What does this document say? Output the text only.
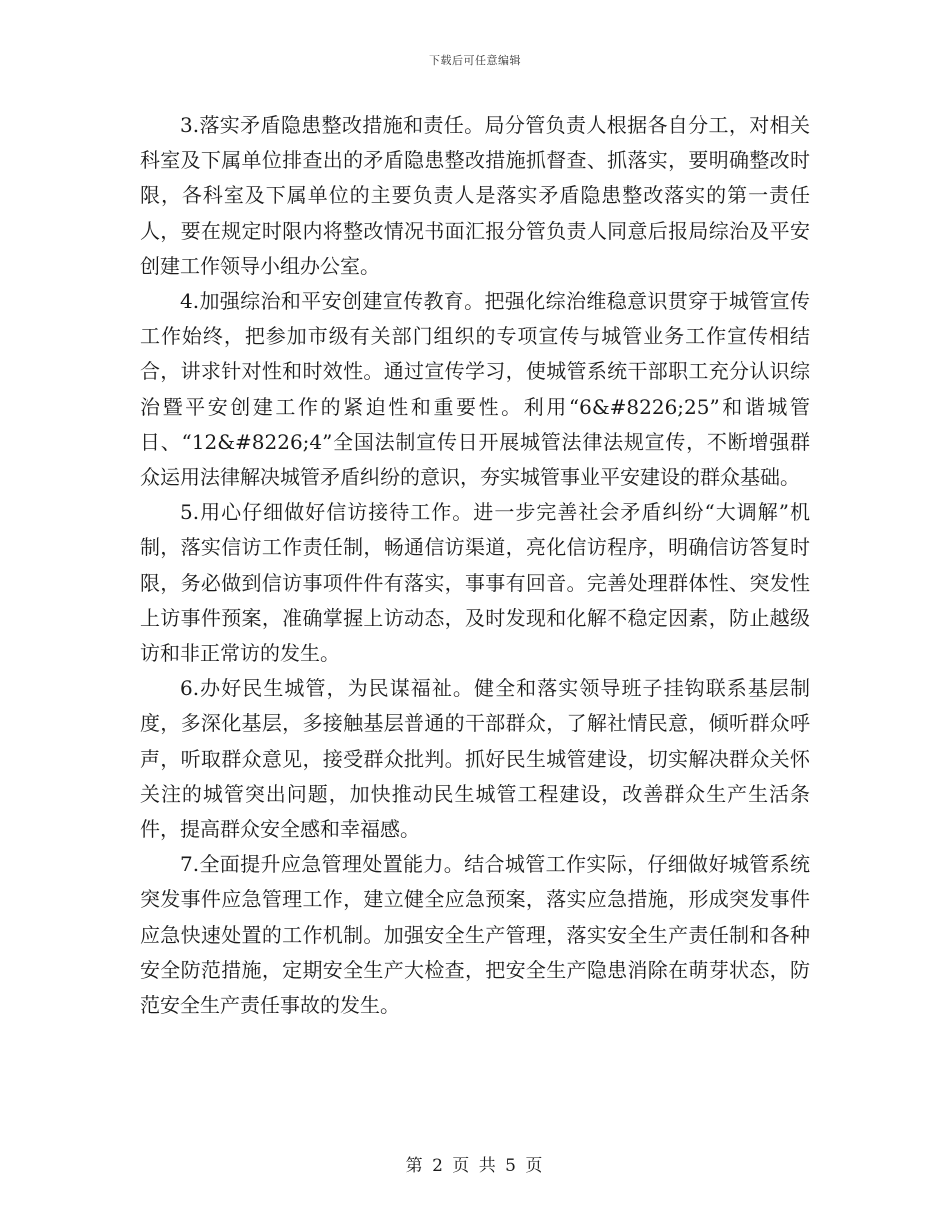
下载后可任意编辑

3.落实矛盾隐患整改措施和责任。局分管负责人根据各自分工，对相关科室及下属单位排查出的矛盾隐患整改措施抓督查、抓落实，要明确整改时限，各科室及下属单位的主要负责人是落实矛盾隐患整改落实的第一责任人，要在规定时限内将整改情况书面汇报分管负责人同意后报局综治及平安创建工作领导小组办公室。

4.加强综治和平安创建宣传教育。把强化综治维稳意识贯穿于城管宣传工作始终，把参加市级有关部门组织的专项宣传与城管业务工作宣传相结合，讲求针对性和时效性。通过宣传学习，使城管系统干部职工充分认识综治暨平安创建工作的紧迫性和重要性。利用“6&#8226;25”和谐城管日、“12&#8226;4”全国法制宣传日开展城管法律法规宣传，不断增强群众运用法律解决城管矛盾纠纷的意识，夯实城管事业平安建设的群众基础。

5.用心仔细做好信访接待工作。进一步完善社会矛盾纠纷“大调解”机制，落实信访工作责任制，畅通信访渠道，亮化信访程序，明确信访答复时限，务必做到信访事项件件有落实，事事有回音。完善处理群体性、突发性上访事件预案，准确掌握上访动态，及时发现和化解不稳定因素，防止越级访和非正常访的发生。

6.办好民生城管，为民谋福祉。健全和落实领导班子挂钩联系基层制度，多深化基层，多接触基层普通的干部群众，了解社情民意，倾听群众呼声，听取群众意见，接受群众批判。抓好民生城管建设，切实解决群众关怀关注的城管突出问题，加快推动民生城管工程建设，改善群众生产生活条件，提高群众安全感和幸福感。

7.全面提升应急管理处置能力。结合城管工作实际，仔细做好城管系统突发事件应急管理工作，建立健全应急预案，落实应急措施，形成突发事件应急快速处置的工作机制。加强安全生产管理，落实安全生产责任制和各种安全防范措施，定期安全生产大检查，把安全生产隐患消除在萌芽状态，防范安全生产责任事故的发生。

第 2 页 共 5 页
